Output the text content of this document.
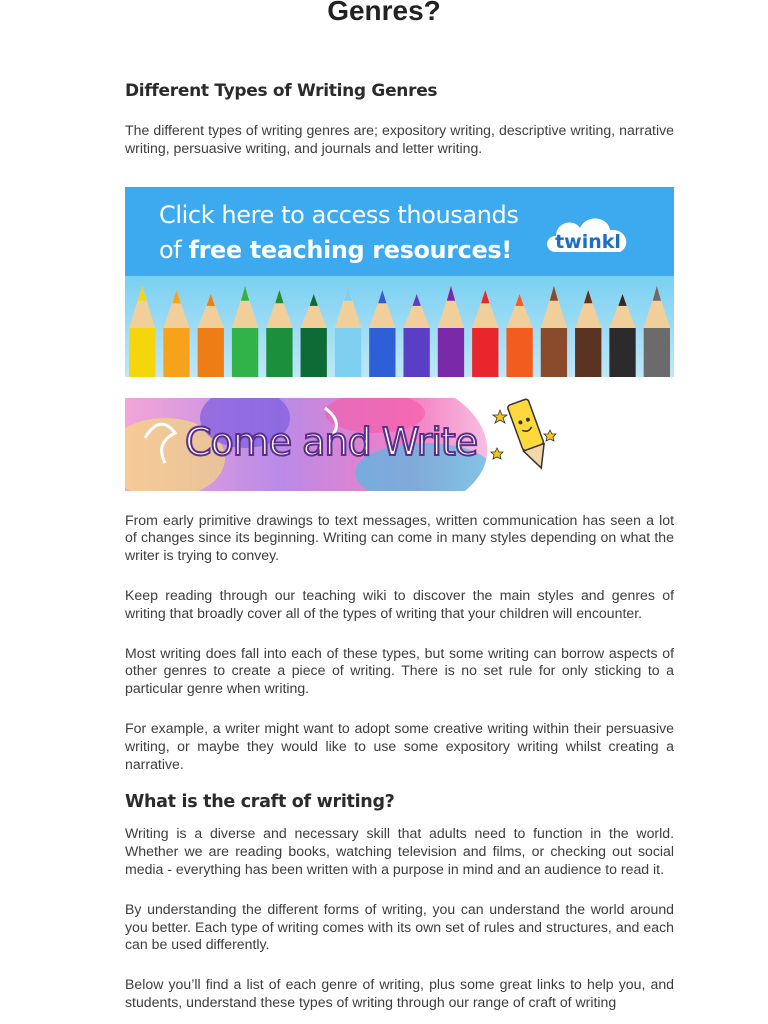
Genres?
Different Types of Writing Genres

The different types of writing genres are; expository writing, descriptive writing, narrative writing, persuasive writing, and journals and letter writing.

Click here to access thousands
of free teaching resources! twinkl
Come and Write

From early primitive drawings to text messages, written communication has seen a lot of changes since its beginning. Writing can come in many styles depending on what the writer is trying to convey.

Keep reading through our teaching wiki to discover the main styles and genres of writing that broadly cover all of the types of writing that your children will encounter.

Most writing does fall into each of these types, but some writing can borrow aspects of other genres to create a piece of writing. There is no set rule for only sticking to a particular genre when writing.

For example, a writer might want to adopt some creative writing within their persuasive writing, or maybe they would like to use some expository writing whilst creating a narrative.

What is the craft of writing?

Writing is a diverse and necessary skill that adults need to function in the world. Whether we are reading books, watching television and films, or checking out social media - everything has been written with a purpose in mind and an audience to read it.

By understanding the different forms of writing, you can understand the world around you better. Each type of writing comes with its own set of rules and structures, and each can be used differently.

Below you’ll find a list of each genre of writing, plus some great links to help you, and students, understand these types of writing through our range of craft of writing
